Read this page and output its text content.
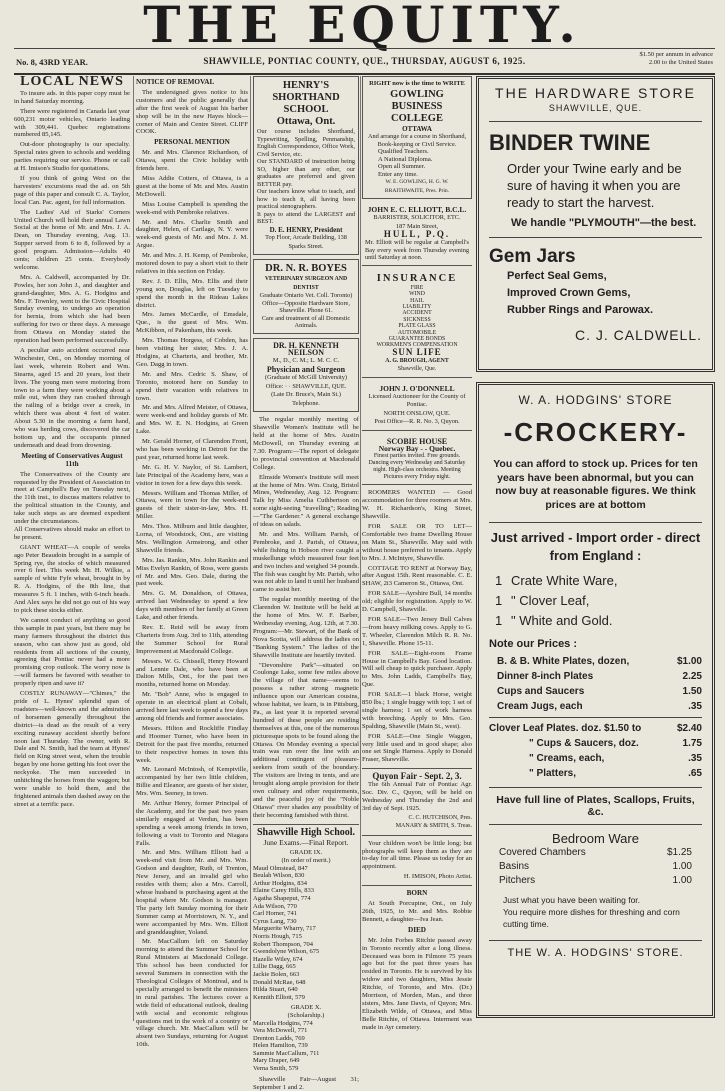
THE EQUITY.
No. 8, 43RD YEAR.	SHAWVILLE, PONTIAC COUNTY, QUE., THURSDAY, AUGUST 6, 1925.
$1.50 per annum in advance
2.00 to the United States
LOCAL NEWS

To insure ads. in this paper copy must be in hand Saturday morning.

There were registered in Canada last year 600,231 motor vehicles, Ontario leading with 309,441. Quebec registrations numbered 85,145.

Out-door photography is our specialty. Special rates given to schools and wedding parties requiring our service. Phone or call at H. Imison's Studio for quotations.

If you think of going West on the harvesters' excursions read the ad. on 5th page of this paper and consult C. A. Taylor, local Can. Pac. agent, for full information.

The Ladies' Aid of Starks' Corners United Church will hold their annual Lawn Social at the home of Mr. and Mrs. J. A. Dean, on Thursday evening, Aug. 13. Supper served from 6 to 8, followed by a good program. Admission—Adults 40 cents; children 25 cents. Everybody welcome.

Mrs. A. Caldwell, accompanied by Dr. Powles, her son John J., and daughter and grand-daughter, Mrs. A. G. Hodgins and Mrs. F. Townley, went to the Civic Hospital Sunday evening, to undergo an operation for hernia, from which she had been suffering for two or three days. A message from Ottawa on Monday stated the operation had been performed successfully.

A peculiar auto accident occurred near Winchester, Ont., on Monday morning of last week, wherein Robert and Wm. Stearns, aged 15 and 20 years, lost their lives. The young men were motoring from town to a farm they were working about a mile out, when they ran crashed through the railing of a bridge over a creek, in which there was about 4 feet of water. About 5.30 in the morning a farm hand, who was herding cows, discovered the car bottom up, and the occupants pinned underneath and dead from drowning.

Meeting of Conservatives August 11th

The Conservatives of the County are requested by the President of Association to meet at Campbell's Bay on Tuesday next, the 11th inst., to discuss matters relative to the political situation in the County, and take such steps as are deemed expedient under the circumstances.
All Conservatives should make an effort to be present.

GIANT WHEAT—A couple of weeks ago Peter Beaudoin brought in a sample of Spring rye, the stocks of which measured over 6 feet. This week Mr. H. Wilkie, a sample of white Fyfe wheat, brought in by R. A. Hodgins, of the 8th line, that measures 5 ft. 1 inches, with 6-inch heads. And Alex says he did not go out of his way to pick these stocks either.

We cannot conduct of anything so good this sample in past years, but there may be many farmers throughout the district this season, who can show just as good, old residents from all sections of the county, agreeing that Pontiac never had a more promising crop outlook. The worry now is—will farmers be favored with weather to properly ripen and save it?

COSTLY RUNAWAY—"Chimes," the pride of L. Hynes' splendid span of roadsters—well-known and the admiration of horsemen generally throughout the district—is dead as the result of a very exciting runaway accident shortly before noon last Thursday. The owner, with R. Dale and N. Smith, had the team at Hynes' field on King street west, when the trouble began by one horse getting his foot over the neckyoke. The men succeeded in unhitching the horses from the waggon; but were unable to hold them, and the frightened animals then dashed away on the street at a terrific pace.

NOTICE OF REMOVAL

The undersigned gives notice to his customers and the public generally that after the first week of August his barber shop will be in the new Hayes block—corner of Main and Centre Street. CLIFF COOK.

PERSONAL MENTION

Mr. and Mrs. Clarence Richardson, of Ottawa, spent the Civic holiday with friends here.

Miss Addie Cotters, of Ottawa, is a guest at the home of Mr. and Mrs. Austin McDowell.

Miss Louise Campbell is spending the week-end with Pembroke relatives.

Mr. and Mrs. Charlie Smith and daughter, Helen, of Cartlage, N. Y. were week-end guests of Mr. and Mrs. J. M. Argue.

Mr. and Mrs. J. H. Kemp, of Pembroke, motored down to pay a short visit to their relatives in this section on Friday.

Rev. J. D. Ellis, Mrs. Ellis and their young son, Douglas, left on Tuesday to spend the month in the Rideau Lakes district.

Mrs. James McCardle, of Emsdale, Que., is the guest of Mrs. Wm. McKibbon, of Pakenham, this week.

Mrs. Thomas Horgess, of Cobden, has been visiting her sister, Mrs. J. A. Hodgins, at Charteris, and brother, Mr. Geo. Dagg in town.

Mr. and Mrs. Cedric S. Shaw, of Toronto, motored here on Sunday to spend their vacation with relatives in town.

Mr. and Mrs. Alfred Meister, of Ottawa, were week-end and holiday guests of Mr. and Mrs. W. E. N. Hodgins, at Green Lake.

Mr. Gerald Horner, of Clarendon Front, who has been working in Detroit for the past year, returned home last week.

Mr. G. H. V. Naylor, of St. Lambert, late Principal of the Academy here, was a visitor in town for a few days this week.

Messrs. William and Thomas Miller, of Ottawa, were in town for the week-end guests of their sister-in-law, Mrs. H. Miller.

Mrs. Thos. Milburn and little daughter, Lorna, of Woodstock, Ont., are visiting Mrs. Wellington Armstrong, and other Shawville friends.

Mrs. Jas. Rankin, Mrs. John Rankin and Miss Evelyn Rankin, of Ross, were guests of Mr. and Mrs. Geo. Dale, during the past week.

Mrs. G. M. Donaldson, of Ottawa, arrived last Wednesday to spend a few days with members of her family at Green Lake, and other friends.

Rev. E. Reid will be away from Charteris from Aug. 3rd to 11th, attending the Summer School for Rural Improvement at Macdonald College.

Messrs. W. G. Chissell, Henry Howard and Lennie Dale, who have been at Dalton Mills, Ont., for the past two months, returned home on Monday.

Mr. "Bob" Anne, who is engaged to operate in an electrical plant at Cobalt, arrived here last week to spend a few days among old friends and former associates.

Messrs. Hilton and Rockliffe Findlay and Hoomer Turner, who have been in Detroit for the past five months, returned to their respective homes in town this week.

Mr. Leonard McIntosh, of Kemptville, accompanied by her two little children, Billie and Eleanor, are guests of her sister, Mrs. Wm. Seeney, in town.

Mr. Arthur Henry, former Principal of the Academy, and for the past two years similarly engaged at Verdun, has been spending a week among friends in town, following a visit to Toronto and Niagara Falls.

Mr. and Mrs. William Elliott had a week-end visit from Mr. and Mrs. Wm. Godson and daughter, Ruth, of Trenton, New Jersey, and an invalid girl who resides with them; also a Mrs. Carroll, whose husband is purchasing agent at the hospital where Mr. Godson is manager. The party left Sunday morning for their Summer camp at Morristown, N. Y., and were accompanied by Mrs. Wm. Elliott and granddaughter, Yoland.

Mr. MacCallum left on Saturday morning to attend the Summer School for Rural Ministers at Macdonald College. This school has been conducted for several Summers in connection with the Theological Colleges of Montreal, and is specially arranged to benefit the ministers in rural parishes. The lectures cover a wide field of educational outlook, dealing with social and economic religious questions met in the work of a country or village church. Mr. MacCallum will be absent two Sundays, returning for August 10th.

HENRY'S
SHORTHAND SCHOOL
Ottawa, Ont.
Our course includes Shorthand, Typewriting, Spelling, Penmanship, English Correspondence, Office Work, Civil Service, etc.
Our STANDARD of instruction being SO, higher than any other, our graduates are preferred and given BETTER pay.
Our teachers know what to teach, and how to teach it, all having been practical stenographers.
It pays to attend the LARGEST and BEST.
D. E. HENRY, President
Top Floor, Arcade Building, 138 Sparks Street.
DR. N. R. BOYES
VETERINARY SURGEON AND DENTIST
Graduate Ontario Vet. Coll. Toronto) Office—Opposite Hardware Store, Shawville. Phone 61.
Care and treatment of all Domestic Animals.
DR. H. KENNETH NEILSON
M., D., C. M.; L. M. C. C.
Physician and Surgeon
(Graduate of McGill University)
Office: · · SHAWVILLE, QUE.
(Late Dr. Bruce's, Main St.) Telephone.

The regular monthly meeting of Shawville Women's Institute will be held at the home of Mrs. Austin McDowell, on Thursday evening at 7.30. Program:—The report of delegate to provincial convention at Macdonald College.

Elmside Women's Institute will meet at the home of Mrs. Wm. Craig, Bristol Mines, Wednesday, Aug. 12. Program: Talk by Miss Amelia Cuthbertson on some sight-seeing "travelling"; Reading—"The Gardener." A general exchange of ideas on salads.

Mr. and Mrs. William Parish, of Pembroke, and J. Parish, of Ottawa, while fishing in Hobson river caught a muskellunge which measured four feet and two inches and weighed 34 pounds. The fish was caught by Mr. Parish, who was not able to land it until her husband came to assist her.

The regular monthly meeting of the Clarendon W. Institute will be held at the home of Mrs. W. F. Barber, Wednesday evening, Aug. 12th, at 7.30. Program:—Mr. Stewart, of the Bank of Nova Scotia, will address the ladies on "Banking System." The ladies of the Shawville Institute are heartily invited.

"Devonshire Park"—situated on Coulonge Lake, some few miles above the village of that name—seems to possess a rather strong magnetic influence upon our American cousins, whose habitat, we learn, is in Pittsburg, Pa., as last year it is reported several hundred of these people are residing themselves at this, one of the numerous picturesque spots to be found along the Ottawa. On Monday evening a special train was run over the line with an additional contingent of pleasure-seekers from south of the boundary. The visitors are living in tents, and are brought along ample provision for their own culinary and other requirements, and the peaceful joy of the "Noble Ottawa" river shades any possibility of their becoming famished with thirst.

Shawville High School.
June Exams.—Final Report.
GRADE IX.
(In order of merit.)
Maud Olmstead, 847
Beulah Wilson, 830
Arthur Hodgins, 834
Elaine Carey Hills, 833
Agatha Shapeput, 774
Ada Wilson, 770
Carl Horner, 741
Cyrus Lang, 730
Marguerite Wharry, 717
Norris Hough, 715
Robert Thompson, 704
Gwendolyne Wilson, 675
Hazelle Wiley, 674
Lillie Dagg, 665
Jackie Bolen, 663
Donald McRae, 648
Hilda Stuart, 640
Kennith Elliott, 579
GRADE X.
(Scholarship.)
Marcella Hodgins, 774
Vera McDowell, 771
Drenton Ladds, 769
Helen Hamilton, 739
Sammie MacCallum, 711
Mary Draper, 649
Verna Smith, 579

Shawville Fair—August 31; September 1 and 2.

RIGHT now is the time to WRITE
GOWLING
BUSINESS COLLEGE
OTTAWA
And arrange for a course in Shorthand, Book-keeping or Civil Service.
Qualified Teachers.
A National Diploma.
Open all Summer.
Enter any time.
W. E. GOWLING, H. G. W. BRAITHWAITE, Pres. Prin.
JOHN E. C. ELLIOTT, B.C.L.
BARRISTER, SOLICITOR, ETC.
187 Main Street,
HULL, P.Q.
Mr. Elliott will be regular at Campbell's Bay every week from Thursday evening until Saturday at noon.
INSURANCE
FIRE
WIND
HAIL
LIABILITY
ACCIDENT
SICKNESS
PLATE GLASS
AUTOMOBILE
GUARANTEE BONDS
WORKMEN'S COMPENSATION
SUN LIFE
A. G. BROUGH, AGENT
Shawville, Que.
JOHN J. O'DONNELL
Licensed Auctioneer for the County of Pontiac.
NORTH ONSLOW, QUE.
Post Office—R. R. No. 3, Quyon.
SCOBIE HOUSE
Norway Bay - - Quebec.
Finest parties invited. Free grounds. Dancing every Wednesday and Saturday night. High-class orchestra. Meeting Pictures every Friday night.

ROOMERS WANTED — Good accommodation for three roomers at Mrs. W. H. Richardson's, King Street, Shawville.

FOR SALE OR TO LET—Comfortable two frame Dwelling House on Main St., Shawville. May said with without house preferred to tenants. Apply to Mrs. J. McIntyre, Shawville.

COTTAGE TO RENT at Norway Bay, after August 15th. Rent reasonable. C. E. SHAW, 2i3 Cameron St., Ottawa, Ont.

FOR SALE—Ayrshire Bull, 14 months old; eligible for registration. Apply to W. D. Campbell, Shawville.

FOR SALE—Two Jersey Bull Calves—from heavy milking cows. Apply to G. T. Wheeler, Clarendon Milch R. R. No. 1, Shawville. Phone 15-11.

FOR SALE—Eight-room Frame House in Campbell's Bay. Good location. Will sell cheap to quick purchaser. Apply to Mrs. John Ladds, Campbell's Bay, Que.

FOR SALE—1 black Horse, weight 850 lbs.; 1 single buggy with top; 1 set of single harness; 1 set of work harness with breeching. Apply to Mrs. Geo. Spalding, Shawville (Main St., west).

FOR SALE—One Single Waggon, very little used and in good shape; also one set Single Harness. Apply to Donald Fraser, Shawville.

Quyon Fair - Sept. 2, 3.

The 6th Annual Fair of Pontiac Agr. Soc. Div. C., Quyon, will be held on Wednesday and Thursday the 2nd and 3rd day of Sept. 1925.

C. C. HUTCHISON, Pres.
MANARY & SMITH, S. Treas.

Your children won't be little long; but photographs will keep them as they are to-day for all time. Please us today for an appointment.

H. IMISON, Photo Artist.

BORN

At South Porcupine, Ont., on July 26th, 1925, to Mr. and Mrs. Robbie Bennett, a daughter—Iva Jean.

DIED

Mr. John Forbes Ritchie passed away in Toronto recently after a long illness. Deceased was born in Filmore 75 years ago but for the past three years has resided in Toronto. He is survived by his widow and two daughters, Miss Jessie Ritchie, of Toronto, and Mrs. (Dr.) Morrison, of Morden, Man., and three sisters, Mrs. Jane Davis, of Quyon; Mrs. Elizabeth Wilde, of Ottawa, and Miss Belle Ritchie, of Ottawa. Interment was made in Ayr cemetery.

THE HARDWARE STORE
SHAWVILLE, QUE.
BINDER TWINE
Order your Twine early and be sure of having it when you are ready to start the harvest.
We handle "PLYMOUTH"—the best.
Gem Jars
Perfect Seal Gems,
Improved Crown Gems,
Rubber Rings and Parowax.
C. J. CALDWELL.
W. A. HODGINS' STORE
-CROCKERY-
You can afford to stock up. Prices for ten years have been abnormal, but you can now buy at reasonable figures. We think prices are at bottom
Just arrived - Import order - direct from England :
1 Crate White Ware,
1 " Clover Leaf,
1 " White and Gold.
Note our Prices :
B. & B. White Plates, dozen,	$1.00
Dinner 8-inch Plates	2.25
Cups and Saucers	1.50
Cream Jugs, each	.35
Clover Leaf Plates. doz. $1.50 to	$2.40
" Cups & Saucers, doz.	1.75
" Creams, each,	.35
" Platters,	.65
Have full line of Plates, Scallops, Fruits, &c.
Bedroom Ware
Covered Chambers	$1.25
Basins	1.00
Pitchers	1.00
Just what you have been waiting for.
You require more dishes for threshing and corn cutting time.
THE W. A. HODGINS' STORE.
